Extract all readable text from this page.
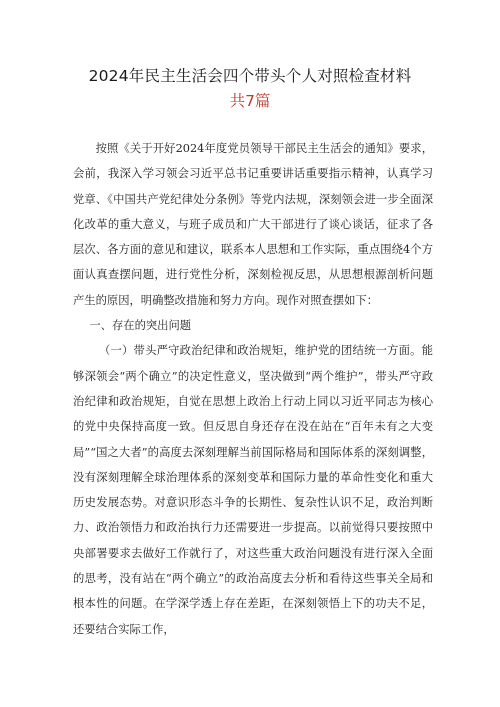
2024年民主生活会四个带头个人对照检查材料
共7篇

按照《关于开好2024年度党员领导干部民主生活会的通知》要求，会前，我深入学习领会习近平总书记重要讲话重要指示精神，认真学习党章、《中国共产党纪律处分条例》等党内法规，深刻领会进一步全面深化改革的重大意义，与班子成员和广大干部进行了谈心谈话，征求了各层次、各方面的意见和建议，联系本人思想和工作实际，重点围绕4个方面认真查摆问题，进行党性分析，深刻检视反思，从思想根源剖析问题产生的原因，明确整改措施和努力方向。现作对照查摆如下：

一、存在的突出问题

（一）带头严守政治纪律和政治规矩，维护党的团结统一方面。能够深领会“两个确立”的决定性意义，坚决做到“两个维护”，带头严守政治纪律和政治规矩，自觉在思想上政治上行动上同以习近平同志为核心的党中央保持高度一致。但反思自身还存在没在站在“百年未有之大变局”“国之大者”的高度去深刻理解当前国际格局和国际体系的深刻调整，没有深刻理解全球治理体系的深刻变革和国际力量的革命性变化和重大历史发展态势。对意识形态斗争的长期性、复杂性认识不足，政治判断力、政治领悟力和政治执行力还需要进一步提高。以前觉得只要按照中央部署要求去做好工作就行了，对这些重大政治问题没有进行深入全面的思考，没有站在“两个确立”的政治高度去分析和看待这些事关全局和根本性的问题。在学深学透上存在差距，在深刻领悟上下的功夫不足，还要结合实际工作，
